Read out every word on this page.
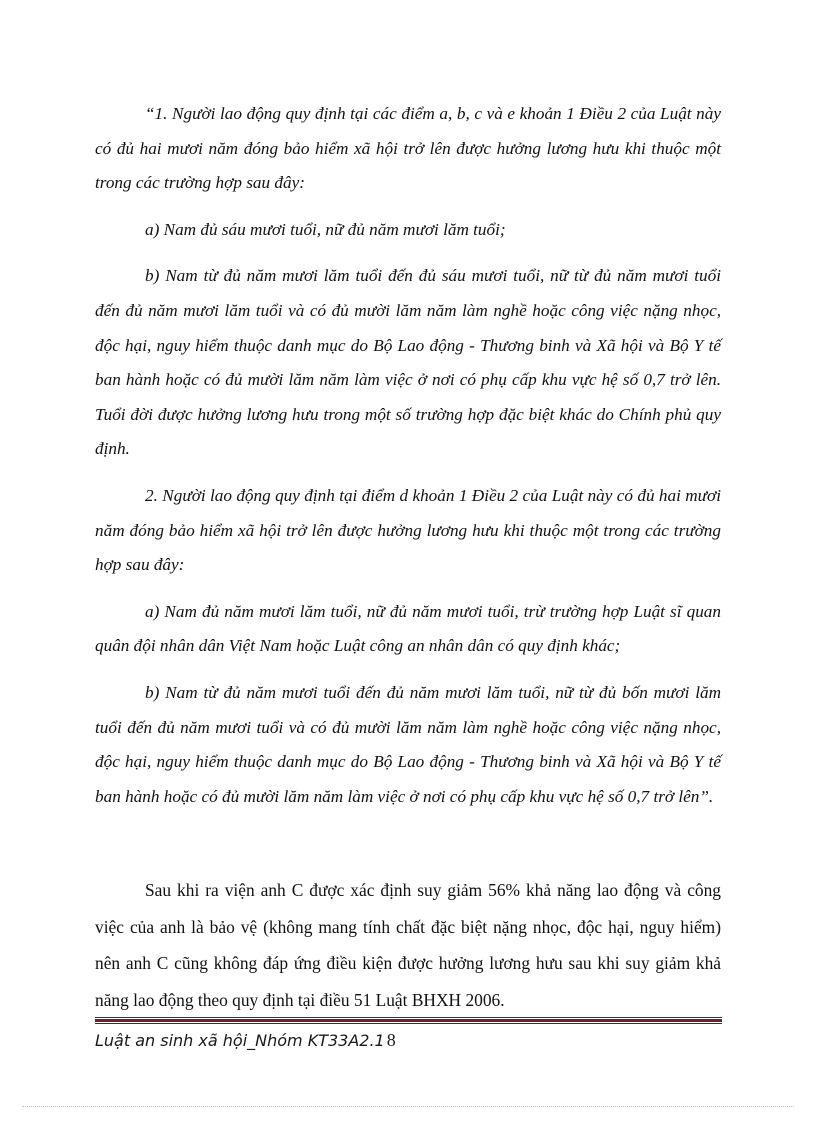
“1. Người lao động quy định tại các điểm a, b, c và e khoản 1 Điều 2 của Luật này có đủ hai mươi năm đóng bảo hiểm xã hội trở lên được hưởng lương hưu khi thuộc một trong các trường hợp sau đây:

a) Nam đủ sáu mươi tuổi, nữ đủ năm mươi lăm tuổi;

b) Nam từ đủ năm mươi lăm tuổi đến đủ sáu mươi tuổi, nữ từ đủ năm mươi tuổi đến đủ năm mươi lăm tuổi và có đủ mười lăm năm làm nghề hoặc công việc nặng nhọc, độc hại, nguy hiểm thuộc danh mục do Bộ Lao động - Thương binh và Xã hội và Bộ Y tế ban hành hoặc có đủ mười lăm năm làm việc ở nơi có phụ cấp khu vực hệ số 0,7 trở lên. Tuổi đời được hưởng lương hưu trong một số trường hợp đặc biệt khác do Chính phủ quy định.

2. Người lao động quy định tại điểm d khoản 1 Điều 2 của Luật này có đủ hai mươi năm đóng bảo hiểm xã hội trở lên được hưởng lương hưu khi thuộc một trong các trường hợp sau đây:

a) Nam đủ năm mươi lăm tuổi, nữ đủ năm mươi tuổi, trừ trường hợp Luật sĩ quan quân đội nhân dân Việt Nam hoặc Luật công an nhân dân có quy định khác;

b) Nam từ đủ năm mươi tuổi đến đủ năm mươi lăm tuổi, nữ từ đủ bốn mươi lăm tuổi đến đủ năm mươi tuổi và có đủ mười lăm năm làm nghề hoặc công việc nặng nhọc, độc hại, nguy hiểm thuộc danh mục do Bộ Lao động - Thương binh và Xã hội và Bộ Y tế ban hành hoặc có đủ mười lăm năm làm việc ở nơi có phụ cấp khu vực hệ số 0,7 trở lên”.

Sau khi ra viện anh C được xác định suy giảm 56% khả năng lao động và công việc của anh là bảo vệ (không mang tính chất đặc biệt nặng nhọc, độc hại, nguy hiểm) nên anh C cũng không đáp ứng điều kiện được hưởng lương hưu sau khi suy giảm khả năng lao động theo quy định tại điều 51 Luật BHXH 2006.

Luật an sinh xã hội_Nhóm KT33A2.1 8
